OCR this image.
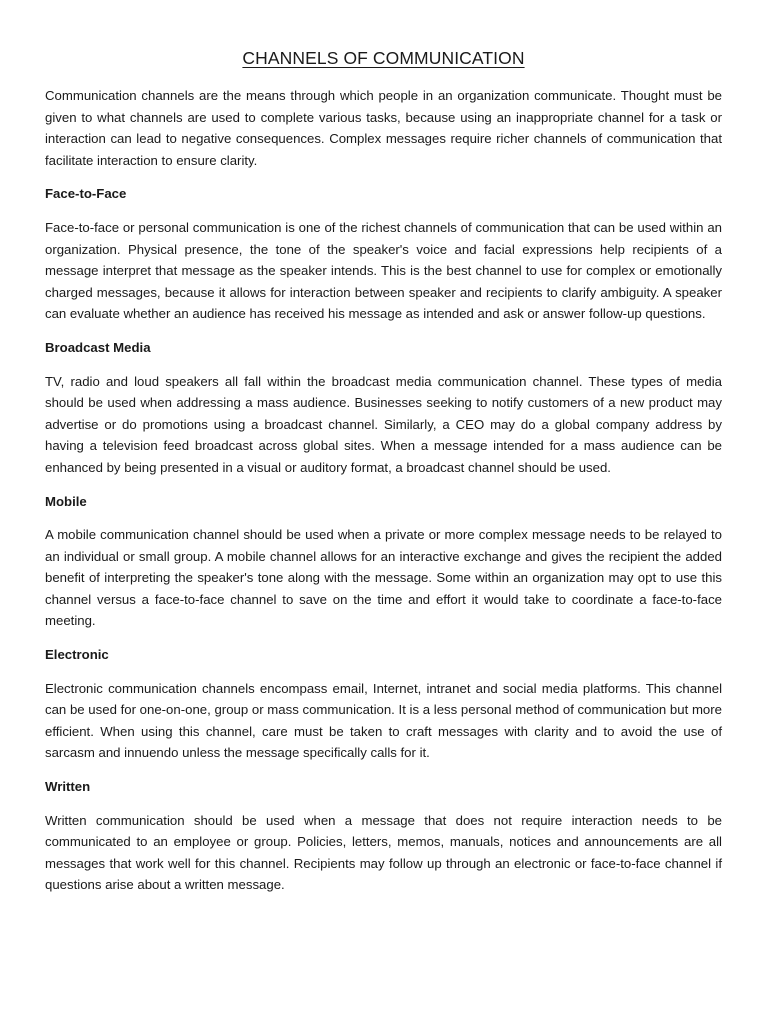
CHANNELS OF COMMUNICATION

Communication channels are the means through which people in an organization communicate. Thought must be given to what channels are used to complete various tasks, because using an inappropriate channel for a task or interaction can lead to negative consequences. Complex messages require richer channels of communication that facilitate interaction to ensure clarity.

Face-to-Face

Face-to-face or personal communication is one of the richest channels of communication that can be used within an organization. Physical presence, the tone of the speaker's voice and facial expressions help recipients of a message interpret that message as the speaker intends. This is the best channel to use for complex or emotionally charged messages, because it allows for interaction between speaker and recipients to clarify ambiguity. A speaker can evaluate whether an audience has received his message as intended and ask or answer follow-up questions.

Broadcast Media

TV, radio and loud speakers all fall within the broadcast media communication channel. These types of media should be used when addressing a mass audience. Businesses seeking to notify customers of a new product may advertise or do promotions using a broadcast channel. Similarly, a CEO may do a global company address by having a television feed broadcast across global sites. When a message intended for a mass audience can be enhanced by being presented in a visual or auditory format, a broadcast channel should be used.

Mobile

A mobile communication channel should be used when a private or more complex message needs to be relayed to an individual or small group. A mobile channel allows for an interactive exchange and gives the recipient the added benefit of interpreting the speaker's tone along with the message. Some within an organization may opt to use this channel versus a face-to-face channel to save on the time and effort it would take to coordinate a face-to-face meeting.

Electronic

Electronic communication channels encompass email, Internet, intranet and social media platforms. This channel can be used for one-on-one, group or mass communication. It is a less personal method of communication but more efficient. When using this channel, care must be taken to craft messages with clarity and to avoid the use of sarcasm and innuendo unless the message specifically calls for it.

Written

Written communication should be used when a message that does not require interaction needs to be communicated to an employee or group. Policies, letters, memos, manuals, notices and announcements are all messages that work well for this channel. Recipients may follow up through an electronic or face-to-face channel if questions arise about a written message.
